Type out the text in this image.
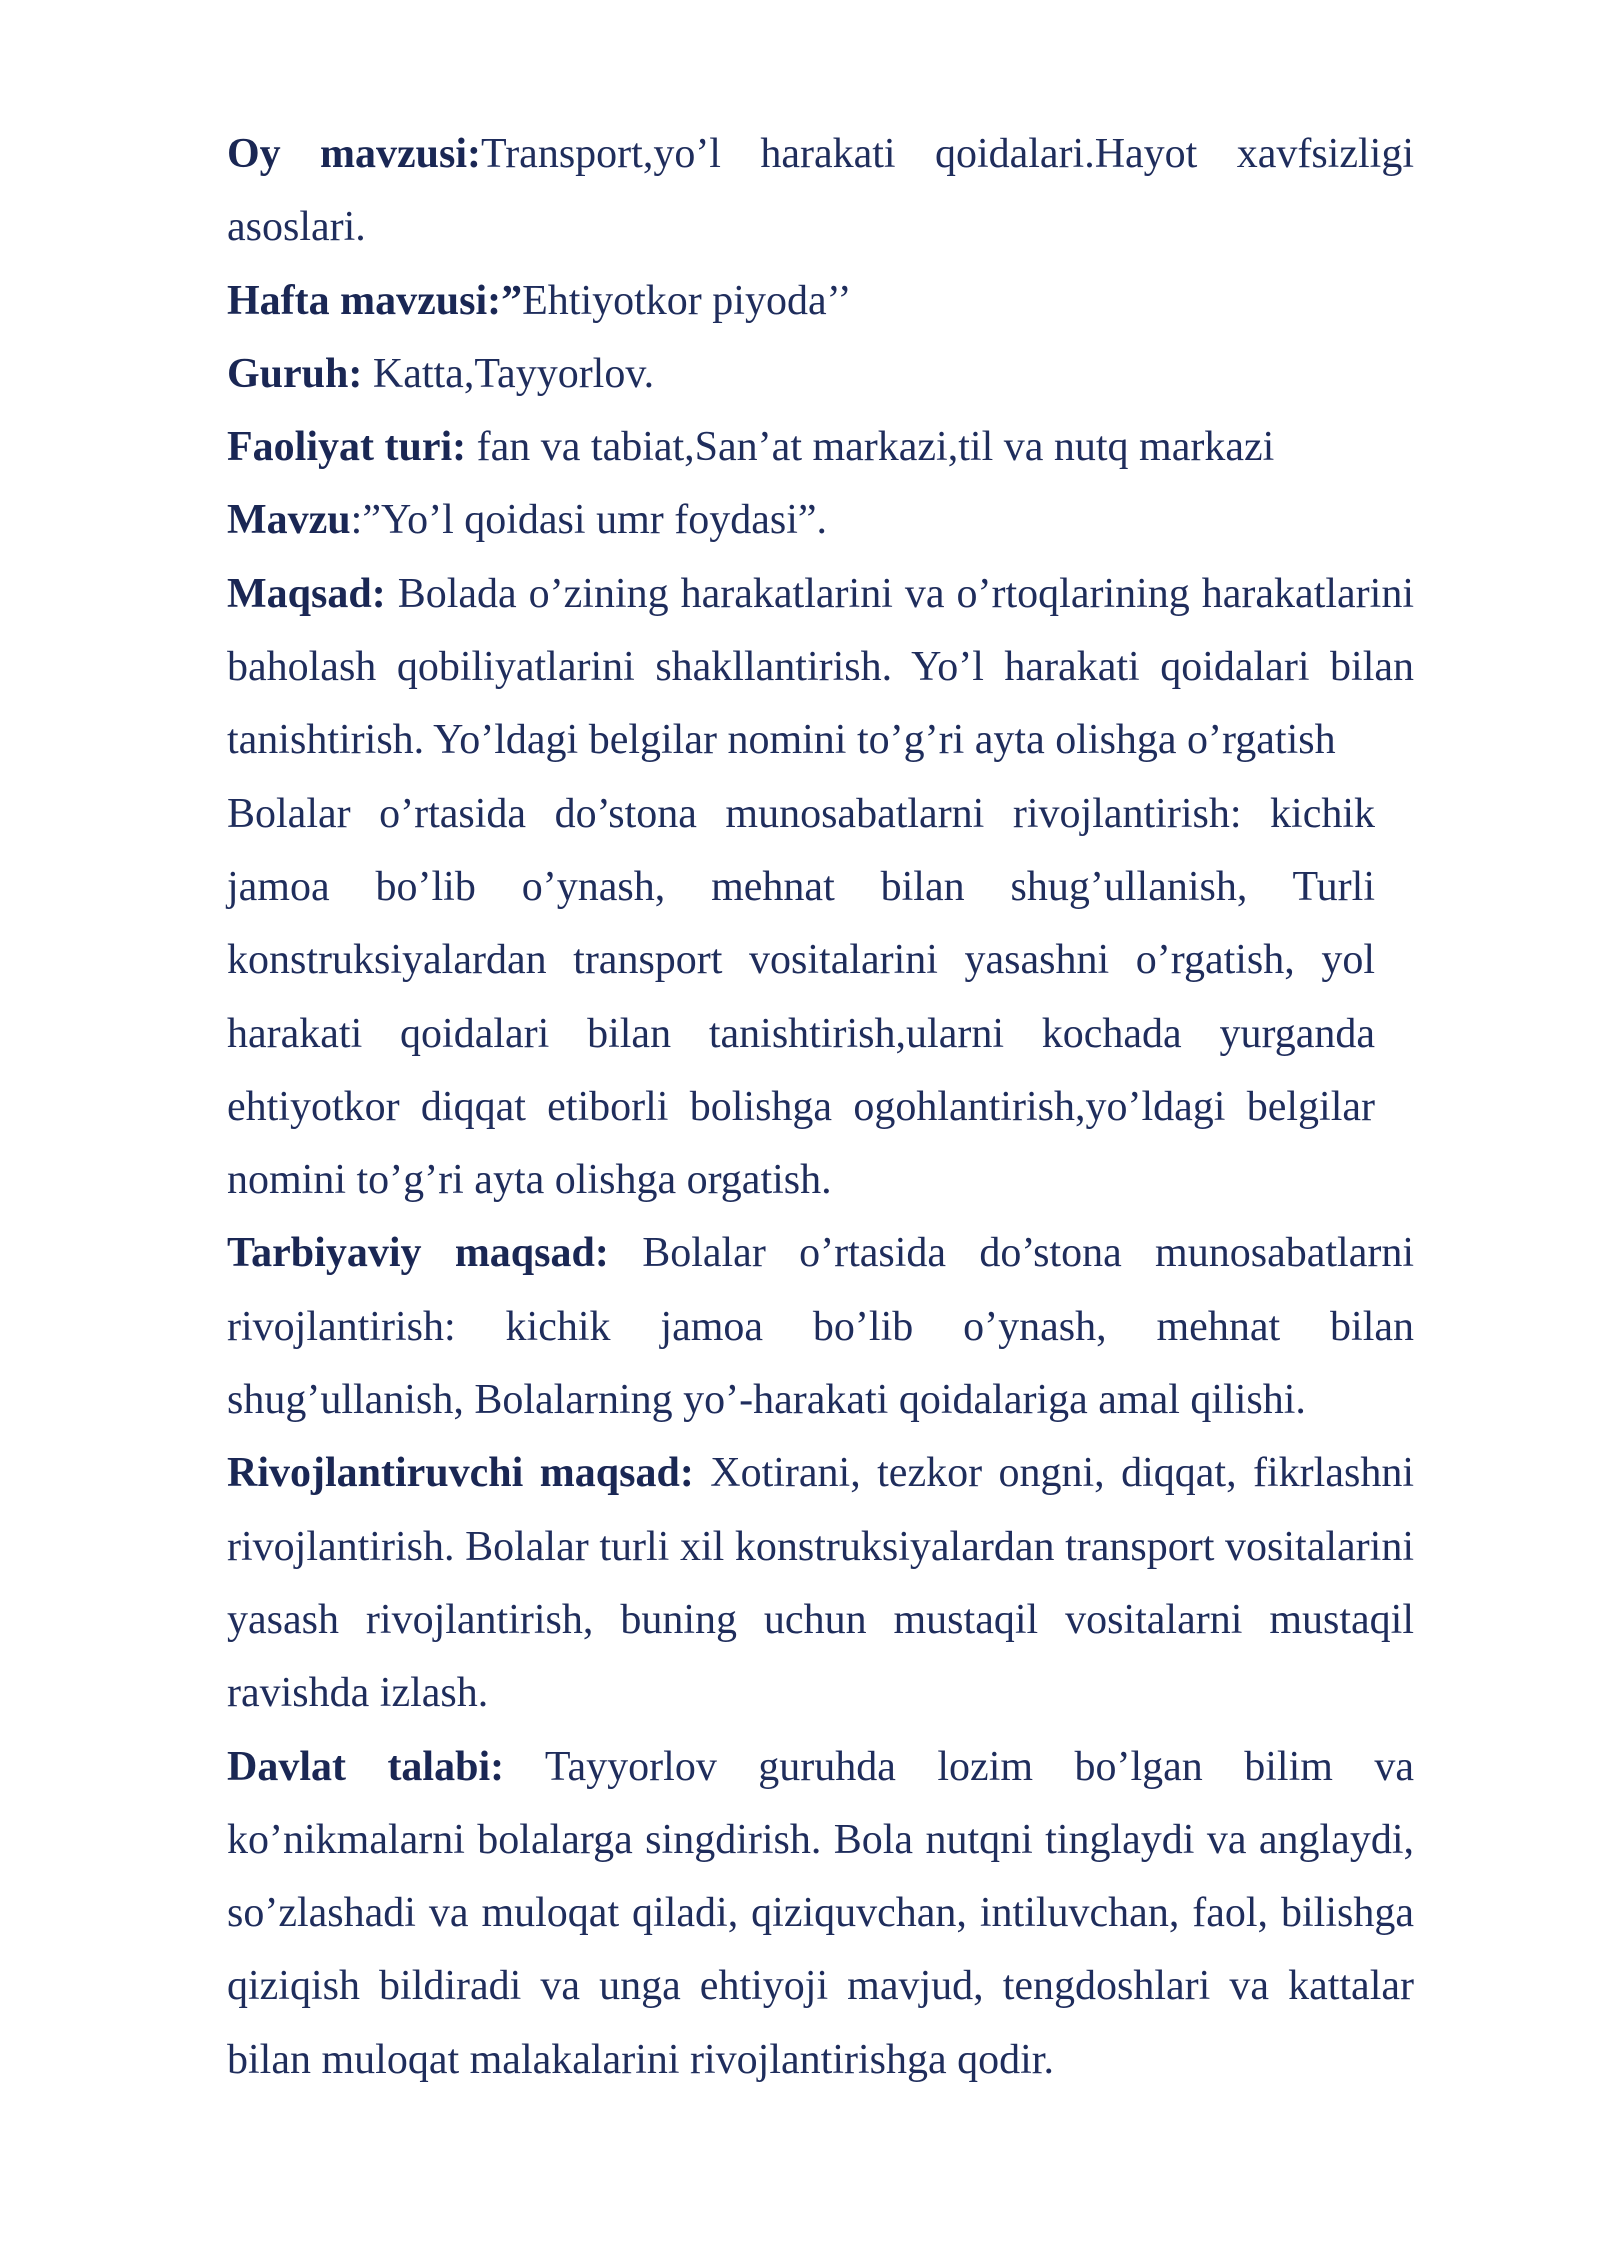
Oy mavzusi:Transport,yo’l harakati qoidalari.Hayot xavfsizligi asoslari.

Hafta mavzusi:”Ehtiyotkor piyoda’’

Guruh: Katta,Tayyorlov.

Faoliyat turi: fan va tabiat,San’at markazi,til va nutq markazi

Mavzu:”Yo’l qoidasi umr foydasi”.

Maqsad: Bolada o’zining harakatlarini va o’rtoqlarining harakatlarini baholash qobiliyatlarini shakllantirish. Yo’l harakati qoidalari bilan tanishtirish. Yo’ldagi belgilar nomini to’g’ri ayta olishga o’rgatish

Bolalar o’rtasida do’stona munosabatlarni rivojlantirish: kichik jamoa bo’lib o’ynash, mehnat bilan shug’ullanish, Turli konstruksiyalardan transport vositalarini yasashni o’rgatish, yol harakati qoidalari bilan tanishtirish,ularni kochada yurganda ehtiyotkor diqqat etiborli bolishga ogohlantirish,yo’ldagi belgilar nomini to’g’ri ayta olishga orgatish.

Tarbiyaviy maqsad: Bolalar o’rtasida do’stona munosabatlarni rivojlantirish: kichik jamoa bo’lib o’ynash, mehnat bilan shug’ullanish, Bolalarning yo’-harakati qoidalariga amal qilishi.

Rivojlantiruvchi maqsad: Xotirani, tezkor ongni, diqqat, fikrlashni rivojlantirish. Bolalar turli xil konstruksiyalardan transport vositalarini yasash rivojlantirish, buning uchun mustaqil vositalarni mustaqil ravishda izlash.

Davlat talabi: Tayyorlov guruhda lozim bo’lgan bilim va ko’nikmalarni bolalarga singdirish. Bola nutqni tinglaydi va anglaydi, so’zlashadi va muloqat qiladi, qiziquvchan, intiluvchan, faol, bilishga qiziqish bildiradi va unga ehtiyoji mavjud, tengdoshlari va kattalar bilan muloqat malakalarini rivojlantirishga qodir.
